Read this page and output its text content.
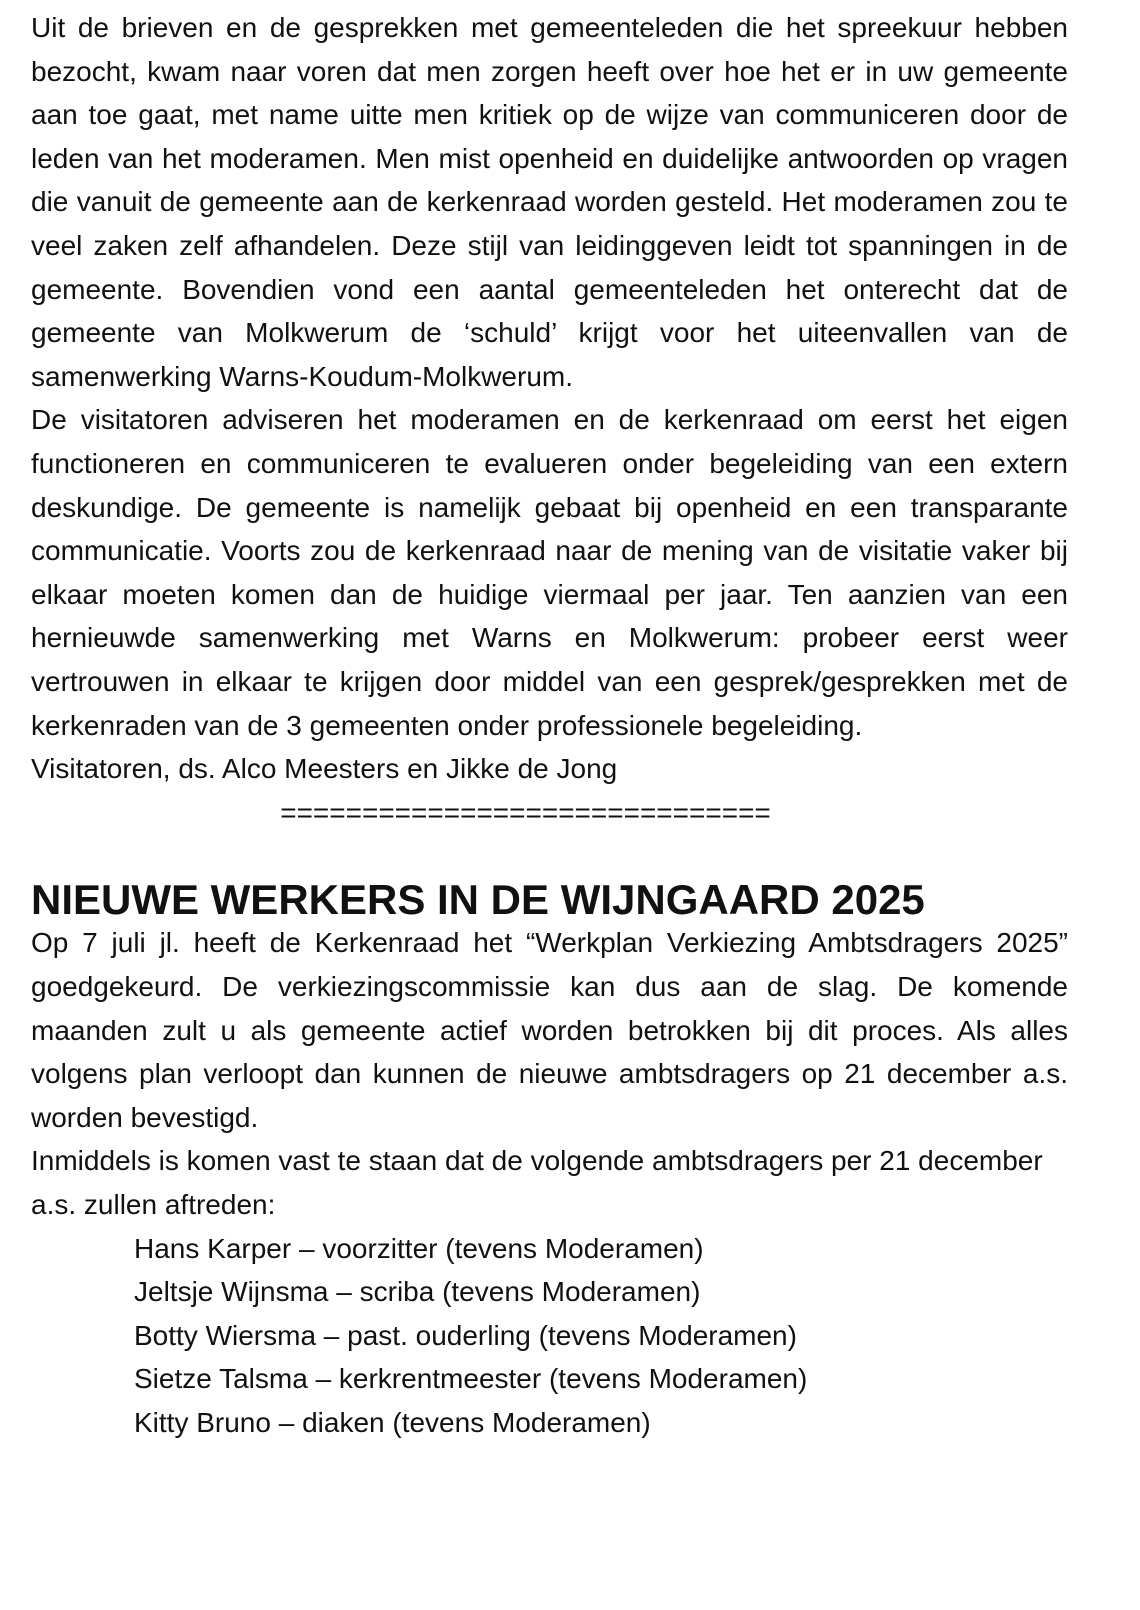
Uit de brieven en de gesprekken met gemeenteleden die het spreekuur hebben bezocht, kwam naar voren dat men zorgen heeft over hoe het er in uw gemeente aan toe gaat, met name uitte men kritiek op de wijze van communiceren door de leden van het moderamen. Men mist openheid en duidelijke antwoorden op vragen die vanuit de gemeente aan de kerkenraad worden gesteld. Het moderamen zou te veel zaken zelf afhandelen. Deze stijl van leidinggeven leidt tot spanningen in de gemeente. Bovendien vond een aantal gemeenteleden het onterecht dat de gemeente van Molkwerum de ‘schuld’ krijgt voor het uiteenvallen van de samenwerking Warns-Koudum-Molkwerum.

De visitatoren adviseren het moderamen en de kerkenraad om eerst het eigen functioneren en communiceren te evalueren onder begeleiding van een extern deskundige. De gemeente is namelijk gebaat bij openheid en een transparante communicatie. Voorts zou de kerkenraad naar de mening van de visitatie vaker bij elkaar moeten komen dan de huidige viermaal per jaar. Ten aanzien van een hernieuwde samenwerking met Warns en Molkwerum: probeer eerst weer vertrouwen in elkaar te krijgen door middel van een gesprek/gesprekken met de kerkenraden van de 3 gemeenten onder professionele begeleiding.

Visitatoren, ds. Alco Meesters en Jikke de Jong

==============================

NIEUWE WERKERS IN DE WIJNGAARD 2025

Op 7 juli jl. heeft de Kerkenraad het “Werkplan Verkiezing Ambtsdragers 2025” goedgekeurd. De verkiezingscommissie kan dus aan de slag. De komende maanden zult u als gemeente actief worden betrokken bij dit proces. Als alles volgens plan verloopt dan kunnen de nieuwe ambtsdragers op 21 december a.s. worden bevestigd.

Inmiddels is komen vast te staan dat de volgende ambtsdragers per 21 december a.s. zullen aftreden:

Hans Karper – voorzitter (tevens Moderamen)
Jeltsje Wijnsma – scriba (tevens Moderamen)
Botty Wiersma – past. ouderling (tevens Moderamen)
Sietze Talsma – kerkrentmeester (tevens Moderamen)
Kitty Bruno – diaken (tevens Moderamen)
